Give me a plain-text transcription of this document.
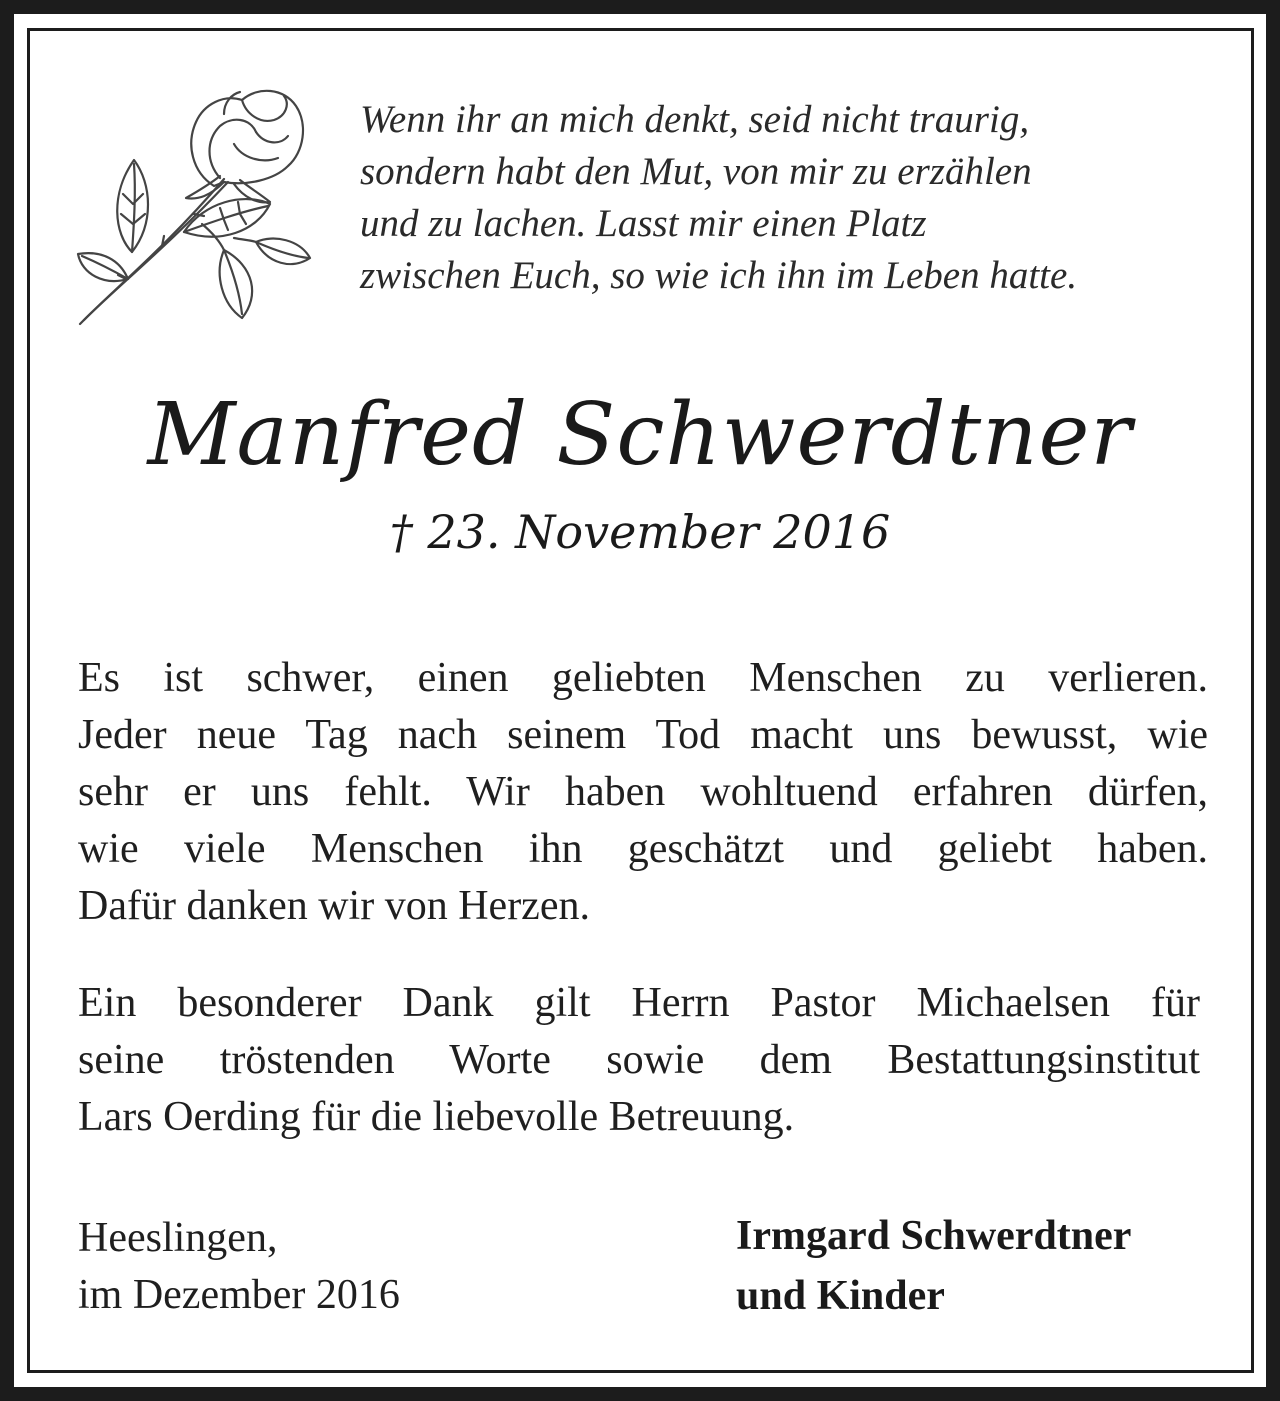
Wenn ihr an mich denkt, seid nicht traurig,
sondern habt den Mut, von mir zu erzählen
und zu lachen. Lasst mir einen Platz
zwischen Euch, so wie ich ihn im Leben hatte.
Manfred Schwerdtner
† 23. November 2016
Es ist schwer, einen geliebten Menschen zu verlieren.
Jeder neue Tag nach seinem Tod macht uns bewusst, wie
sehr er uns fehlt. Wir haben wohltuend erfahren dürfen,
wie viele Menschen ihn geschätzt und geliebt haben.
Dafür danken wir von Herzen.
Ein besonderer Dank gilt Herrn Pastor Michaelsen für
seine tröstenden Worte sowie dem Bestattungsinstitut
Lars Oerding für die liebevolle Betreuung.
Heeslingen,
im Dezember 2016
Irmgard Schwerdtner
und Kinder
